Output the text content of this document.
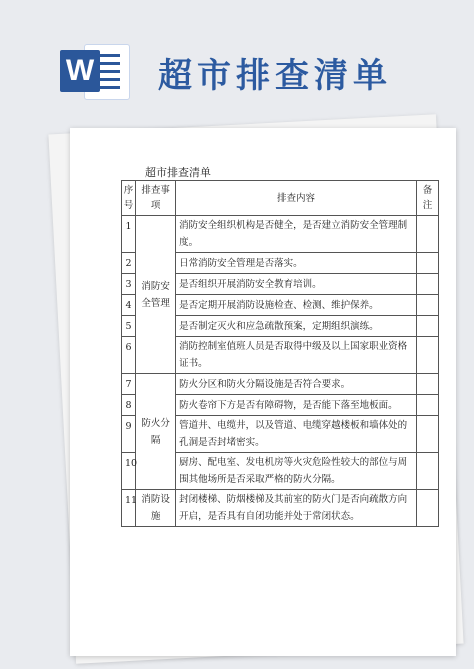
W 超市排查清单
超市排查清单
序号	排查事项	排查内容	备注
1	消防安全管理	消防安全组织机构是否健全，是否建立消防安全管理制度。	
2		日常消防安全管理是否落实。	
3		是否组织开展消防安全教育培训。	
4		是否定期开展消防设施检查、检测、维护保养。	
5		是否制定灭火和应急疏散预案，定期组织演练。	
6		消防控制室值班人员是否取得中级及以上国家职业资格证书。	
7	防火分隔	防火分区和防火分隔设施是否符合要求。	
8		防火卷帘下方是否有障碍物，是否能下落至地板面。	
9		管道井、电缆井，以及管道、电缆穿越楼板和墙体处的孔洞是否封堵密实。	
10		厨房、配电室、发电机房等火灾危险性较大的部位与周围其他场所是否采取严格的防火分隔。	
11	消防设施	封闭楼梯、防烟楼梯及其前室的防火门是否向疏散方向开启，是否具有自闭功能并处于常闭状态。	
